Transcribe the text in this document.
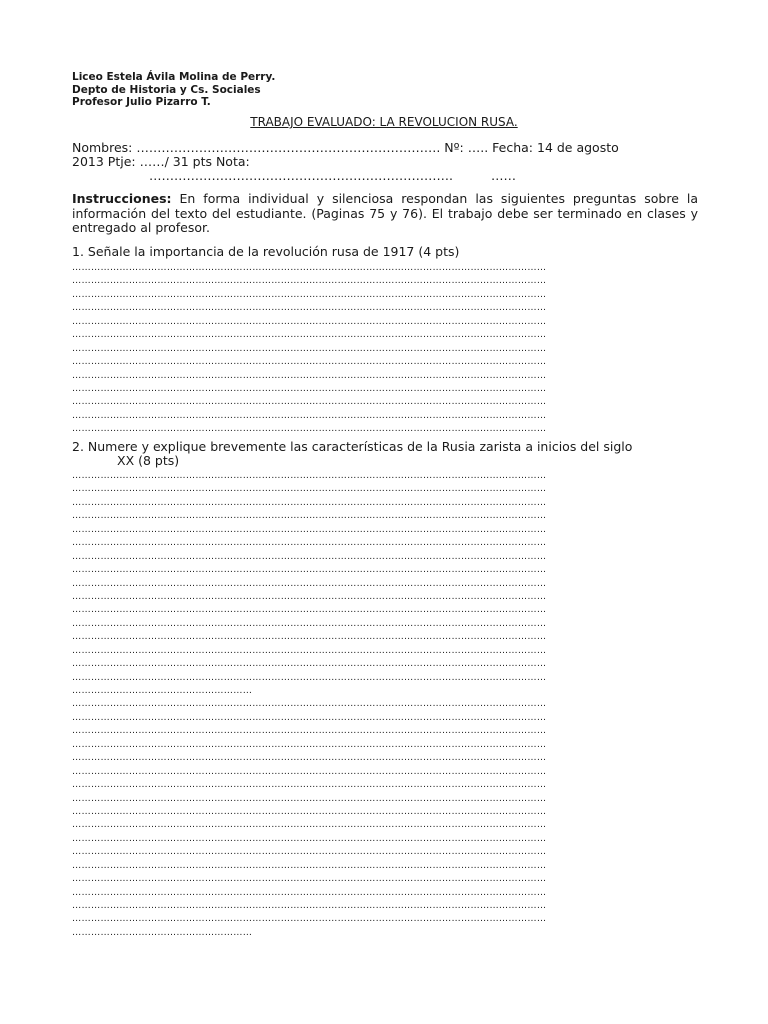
Liceo Estela Ávila Molina de Perry.
Depto de Historia y Cs. Sociales
Profesor Julio Pizarro T.
TRABAJO EVALUADO: LA REVOLUCION RUSA.
Nombres: ………………………………………………………………. Nº: ….. Fecha: 14 de agosto
2013 Ptje: ……/ 31 pts Nota:
……………………………………………………………….	……
Instrucciones: En forma individual y silenciosa respondan las siguientes preguntas sobre la información del texto del estudiante. (Paginas 75 y 76). El trabajo debe ser terminado en clases y entregado al profesor.
1. Señale la importancia de la revolución rusa de 1917 (4 pts)
……………………………………………………………………………………………………………………………………
……………………………………………………………………………………………………………………………………
……………………………………………………………………………………………………………………………………
……………………………………………………………………………………………………………………………………
……………………………………………………………………………………………………………………………………
……………………………………………………………………………………………………………………………………
……………………………………………………………………………………………………………………………………
……………………………………………………………………………………………………………………………………
……………………………………………………………………………………………………………………………………
……………………………………………………………………………………………………………………………………
……………………………………………………………………………………………………………………………………
……………………………………………………………………………………………………………………………………
……………………………………………………………………………………………………………………………………
2. Numere y explique brevemente las características de la Rusia zarista a inicios del siglo
XX (8 pts)
……………………………………………………………………………………………………………………………………
……………………………………………………………………………………………………………………………………
……………………………………………………………………………………………………………………………………
……………………………………………………………………………………………………………………………………
……………………………………………………………………………………………………………………………………
……………………………………………………………………………………………………………………………………
……………………………………………………………………………………………………………………………………
……………………………………………………………………………………………………………………………………
……………………………………………………………………………………………………………………………………
……………………………………………………………………………………………………………………………………
……………………………………………………………………………………………………………………………………
……………………………………………………………………………………………………………………………………
……………………………………………………………………………………………………………………………………
……………………………………………………………………………………………………………………………………
……………………………………………………………………………………………………………………………………
……………………………………………………………………………………………………………………………………
…………………………………………………
……………………………………………………………………………………………………………………………………
……………………………………………………………………………………………………………………………………
……………………………………………………………………………………………………………………………………
……………………………………………………………………………………………………………………………………
……………………………………………………………………………………………………………………………………
……………………………………………………………………………………………………………………………………
……………………………………………………………………………………………………………………………………
……………………………………………………………………………………………………………………………………
……………………………………………………………………………………………………………………………………
……………………………………………………………………………………………………………………………………
……………………………………………………………………………………………………………………………………
……………………………………………………………………………………………………………………………………
……………………………………………………………………………………………………………………………………
……………………………………………………………………………………………………………………………………
……………………………………………………………………………………………………………………………………
……………………………………………………………………………………………………………………………………
……………………………………………………………………………………………………………………………………
…………………………………………………
